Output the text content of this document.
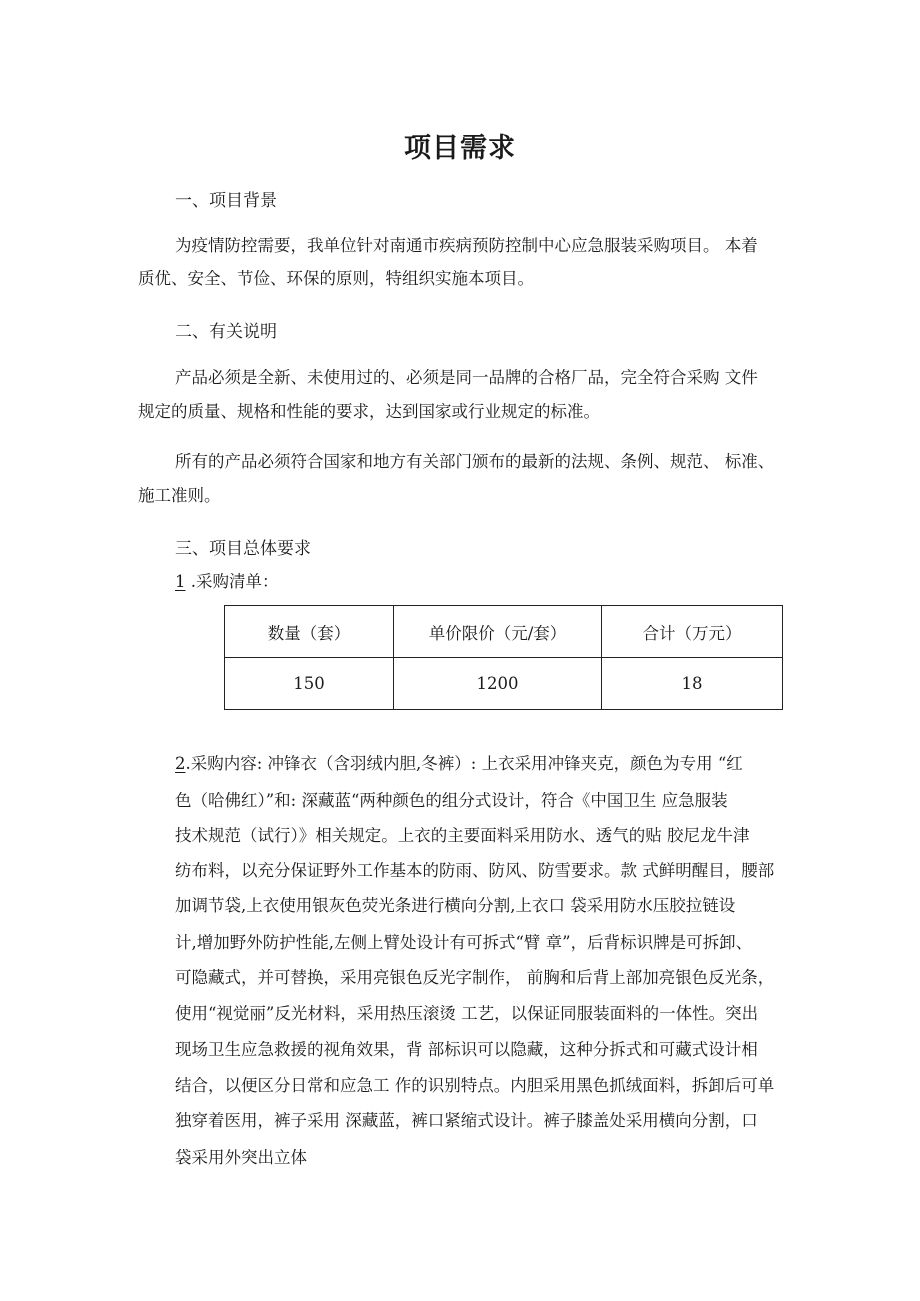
项目需求
一、项目背景
为疫情防控需要，我单位针对南通市疾病预防控制中心应急服装采购项目。 本着
质优、安全、节俭、环保的原则，特组织实施本项目。
二、有关说明
产品必须是全新、未使用过的、必须是同一品牌的合格厂品，完全符合采购 文件
规定的质量、规格和性能的要求，达到国家或行业规定的标准。
所有的产品必须符合国家和地方有关部门颁布的最新的法规、条例、规范、 标准、
施工准则。
三、项目总体要求
1 .采购清单：
数量（套）	单价限价（元/套）	合计（万元）
150	1200	18
2.采购内容: 冲锋衣（含羽绒内胆,冬裤）: 上衣采用冲锋夹克，颜色为专用 “红
色（哈佛红）”和: 深藏蓝“两种颜色的组分式设计，符合《中国卫生 应急服装
技术规范（试行）》相关规定。上衣的主要面料采用防水、透气的贴 胶尼龙牛津
纺布料，以充分保证野外工作基本的防雨、防风、防雪要求。款 式鲜明醒目，腰部
加调节袋,上衣使用银灰色荧光条进行横向分割,上衣口 袋采用防水压胶拉链设
计,增加野外防护性能,左侧上臂处设计有可拆式“臂 章”，后背标识牌是可拆卸、
可隐藏式，并可替换，采用亮银色反光字制作， 前胸和后背上部加亮银色反光条，
使用“视觉丽”反光材料，采用热压滚烫 工艺，以保证同服装面料的一体性。突出
现场卫生应急救援的视角效果，背 部标识可以隐藏，这种分拆式和可藏式设计相
结合，以便区分日常和应急工 作的识别特点。内胆采用黑色抓绒面料，拆卸后可单
独穿着医用，裤子采用 深藏蓝，裤口紧缩式设计。裤子膝盖处采用横向分割，口
袋采用外突出立体
